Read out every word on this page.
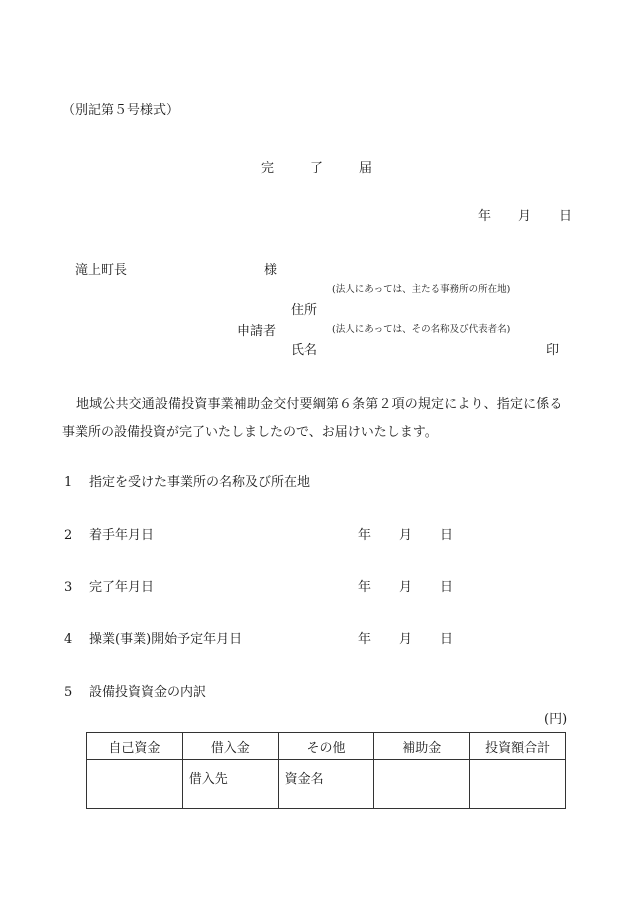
（別記第５号様式）
完	了	届
年 月 日
滝上町長	様
(法人にあっては、主たる事務所の所在地)
住所
申請者	(法人にあっては、その名称及び代表者名)
氏名	印
地域公共交通設備投資事業補助金交付要綱第６条第２項の規定により、指定に係る
事業所の設備投資が完了いたしましたので、お届けいたします。
1 指定を受けた事業所の名称及び所在地
2 着手年月日	年 月 日
3 完了年月日	年 月 日
4 操業(事業)開始予定年月日	年 月 日
5 設備投資資金の内訳
(円)
自己資金	借入金	その他	補助金	投資額合計
	借入先	資金名		
